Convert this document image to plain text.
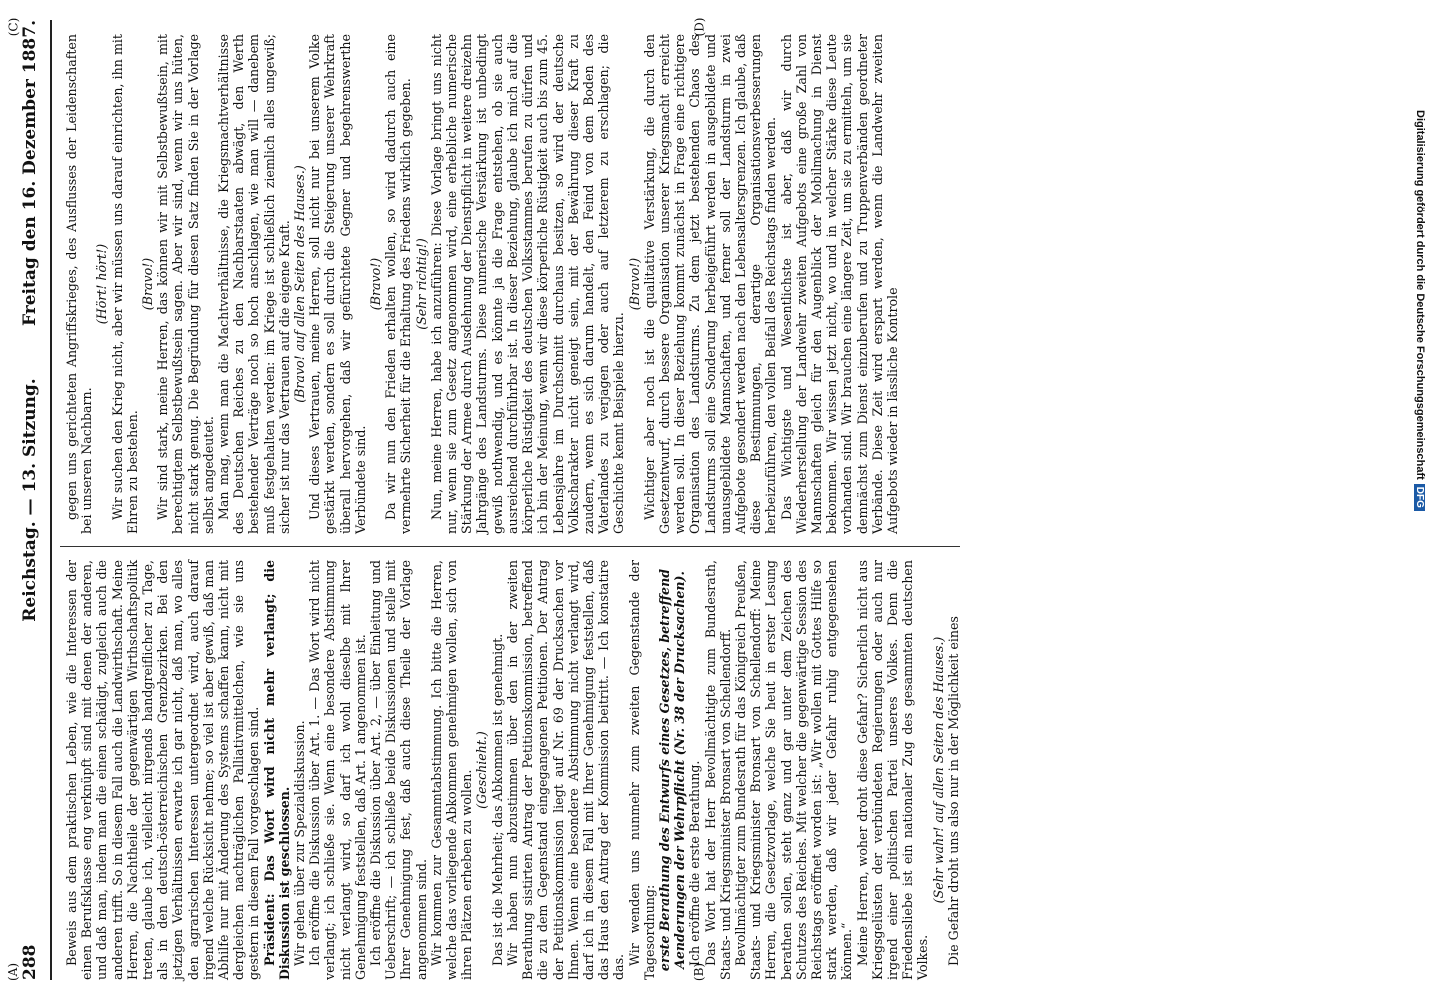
288
Reichstag. — 13. Sitzung.
Freitag den 16. Dezember 1887.

Beweis aus dem praktischen Leben, wie die Interessen der einen Berufsklasse eng verknüpft sind mit denen der anderen, und daß man, indem man die einen schädigt, zugleich auch die anderen trifft. So in diesem Fall auch die Landwirthschaft. Meine Herren, die Nachtheile der gegenwärtigen Wirthschaftspolitik treten, glaube ich, vielleicht nirgends handgreiflicher zu Tage, als in den deutsch-österreichischen Grenzbezirken. Bei den jetzigen Verhältnissen erwarte ich gar nicht, daß man, wo alles den agrarischen Interessen untergeordnet wird, auch darauf irgend welche Rücksicht nehme; so viel ist aber gewiß, daß man Abhilfe nur mit Änderung des Systems schaffen kann, nicht mit dergleichen nachträglichen Palliativmittelchen, wie sie uns gestern in diesem Fall vorgeschlagen sind. Präsident: Das Wort wird nicht mehr verlangt; die Diskussion ist geschlossen. Wir gehen über zur Spezialdiskussion. Ich eröffne die Diskussion über Art. 1. — Das Wort wird nicht verlangt; ich schließe sie. Wenn eine besondere Abstimmung nicht verlangt wird, so darf ich wohl dieselbe mit Ihrer Genehmigung feststellen, daß Art. 1 angenommen ist. Ich eröffne die Diskussion über Art. 2, — über Einleitung und Ueberschrift; — ich schließe beide Diskussionen und stelle mit Ihrer Genehmigung fest, daß auch diese Theile der Vorlage angenommen sind. Wir kommen zur Gesammtabstimmung. Ich bitte die Herren, welche das vorliegende Abkommen genehmigen wollen, sich von ihren Plätzen erheben zu wollen. (Geschieht.) Das ist die Mehrheit; das Abkommen ist genehmigt. Wir haben nun abzustimmen über den in der zweiten Berathung sistirten Antrag der Petitionskommission, betreffend die zu dem Gegenstand eingegangenen Petitionen. Der Antrag der Petitionskommission liegt auf Nr. 69 der Drucksachen vor Ihnen. Wenn eine besondere Abstimmung nicht verlangt wird, darf ich in diesem Fall mit Ihrer Genehmigung feststellen, daß das Haus den Antrag der Kommission beitritt. — Ich konstatire das.

Wir wenden uns nunmehr zum zweiten Gegenstande der Tagesordnung: erste Berathung des Entwurfs eines Gesetzes, betreffend Aenderungen der Wehrpflicht (Nr. 38 der Drucksachen). Ich eröffne die erste Berathung. Das Wort hat der Herr Bevollmächtigte zum Bundesrath, Staats- und Kriegsminister Bronsart von Schellendorff. Bevollmächtigter zum Bundesrath für das Königreich Preußen, Staats- und Kriegsminister Bronsart von Schellendorff: Meine Herren, die Gesetzvorlage, welche Sie heut in erster Lesung berathen sollen, steht ganz und gar unter dem Zeichen des Schutzes des Reiches. Mit welcher die gegenwärtige Session des Reichstags eröffnet worden ist: „Wir wollen mit Gottes Hilfe so stark werden, daß wir jeder Gefahr ruhig entgegensehen können.“ Meine Herren, woher droht diese Gefahr? Sicherlich nicht aus Kriegsgelüsten der verbündeten Regierungen oder auch nur irgend einer politischen Partei unseres Volkes. Denn die Friedensliebe ist ein nationaler Zug des gesammten deutschen Volkes.

(Sehr wahr! auf allen Seiten des Hauses.) Die Gefahr droht uns also nur in der Möglichkeit eines

gegen uns gerichteten Angriffskrieges, des Ausflusses der Leidenschaften bei unseren Nachbarn.

(Hört! hört!) Wir suchen den Krieg nicht, aber wir müssen uns darauf einrichten, ihn mit Ehren zu bestehen.

(Bravo!) Wir sind stark, meine Herren, das können wir mit Selbstbewußtsein, mit berechtigtem Selbstbewußtsein sagen. Aber wir sind, wenn wir uns hüten, nicht stark genug. Die Begründung für diesen Satz finden Sie in der Vorlage selbst angedeutet. Man mag, wenn man die Machtverhältnisse, die Kriegsmachtverhältnisse des Deutschen Reiches zu den Nachbarstaaten abwägt, den Werth bestehender Verträge noch so hoch anschlagen, wie man will — danebem muß festgehalten werden: im Kriege ist schließlich ziemlich alles ungewiß; sicher ist nur das Vertrauen auf die eigene Kraft. (Bravo! auf allen Seiten des Hauses.) Und dieses Vertrauen, meine Herren, soll nicht nur bei unserem Volke gestärkt werden, sondern es soll durch die Steigerung unserer Wehrkraft überall hervorgehen, daß wir gefürchtete Gegner und begehrenswerthe Verbündete sind.

(Bravo!) Da wir nun den Frieden erhalten wollen, so wird dadurch auch eine vermehrte Sicherheit für die Erhaltung des Friedens wirklich gegeben. (Sehr richtig!) Nun, meine Herren, habe ich anzuführen: Diese Vorlage bringt uns nicht nur, wenn sie zum Gesetz angenommen wird, eine erhebliche numerische Stärkung der Armee durch Ausdehnung der Dienstpflicht in weitere dreizehn Jahrgänge des Landsturms. Diese numerische Verstärkung ist unbedingt gewiß nothwendig, und es könnte ja die Frage entstehen, ob sie auch ausreichend durchführbar ist. In dieser Beziehung, glaube ich mich auf die körperliche Rüstigkeit des deutschen Volksstammes berufen zu dürfen und ich bin der Meinung, wenn wir diese körperliche Rüstigkeit auch bis zum 45. Lebensjahre im Durchschnitt durchaus besitzen, so wird der deutsche Volkscharakter nicht geneigt sein, mit der Bewährung dieser Kraft zu zaudern, wenn es sich darum handelt, den Feind von dem Boden des Vaterlandes zu verjagen oder auch auf letzterem zu erschlagen; die Geschichte kennt Beispiele hierzu.

(Bravo!) Wichtiger aber noch ist die qualitative Verstärkung, die durch den Gesetzentwurf, durch bessere Organisation unserer Kriegsmacht erreicht werden soll. In dieser Beziehung kommt zunächst in Frage eine richtigere Organisation des Landsturms. Zu dem jetzt bestehenden Chaos des Landsturms soll eine Sonderung herbeigeführt werden in ausgebildete und unausgebildete Mannschaften, und ferner soll der Landsturm in zwei Aufgebote gesondert werden nach den Lebensaltersgrenzen. Ich glaube, daß diese Bestimmungen, derartige Organisationsverbesserungen herbeizuführen, den vollen Beifall des Reichstags finden werden. Das Wichtigste und Wesentlichste ist aber, daß wir durch Wiederherstellung der Landwehr zweiten Aufgebots eine große Zahl von Mannschaften gleich für den Augenblick der Mobilmachung in Dienst bekommen. Wir wissen jetzt nicht, wo und in welcher Stärke diese Leute vorhanden sind. Wir brauchen eine längere Zeit, um sie zu ermitteln, um sie demnächst zum Dienst einzuberufen und zu Truppenverbänden geordneter Verbände. Diese Zeit wird erspart werden, wenn die Landwehr zweiten Aufgebots wieder in lässliche Kontrole

(A)	(B)
(C)	(D)
Digitalisierung gefördert durch die Deutsche ForschungsgemeinschaftDFG
